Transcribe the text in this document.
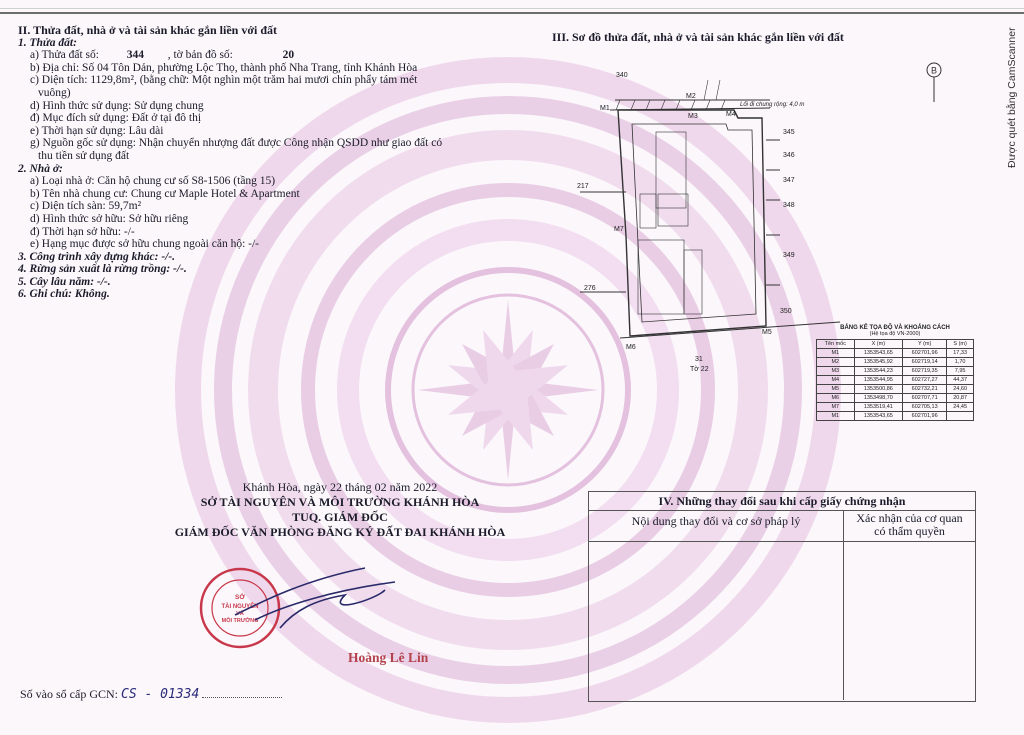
II. Thửa đất, nhà ở và tài sản khác gắn liền với đất
1. Thửa đất:
a) Thửa đất số: 344 , tờ bản đồ số:	20
b) Địa chỉ: Số 04 Tôn Dản, phường Lộc Thọ, thành phố Nha Trang, tỉnh Khánh Hòa
c) Diện tích: 1129,8m², (bằng chữ: Một nghìn một trăm hai mươi chín phẩy tám mét
vuông)
d) Hình thức sử dụng: Sử dụng chung
đ) Mục đích sử dụng: Đất ở tại đô thị
e) Thời hạn sử dụng: Lâu dài
g) Nguồn gốc sử dụng: Nhận chuyển nhượng đất được Công nhận QSDD như giao đất có
thu tiền sử dụng đất
2. Nhà ở:
a) Loại nhà ở: Căn hộ chung cư số S8-1506 (tầng 15)
b) Tên nhà chung cư: Chung cư Maple Hotel & Apartment
c) Diện tích sàn: 59,7m²
d) Hình thức sở hữu: Sở hữu riêng
đ) Thời hạn sở hữu: -/-
e) Hạng mục được sở hữu chung ngoài căn hộ: -/-
3. Công trình xây dựng khác: -/-.
4. Rừng sản xuất là rừng trồng: -/-.
5. Cây lâu năm: -/-.
6. Ghi chú: Không.
Khánh Hòa, ngày 22 tháng 02 năm 2022
SỞ TÀI NGUYÊN VÀ MÔI TRƯỜNG KHÁNH HÒA
TUQ. GIÁM ĐỐC
GIÁM ĐỐC VĂN PHÒNG ĐĂNG KÝ ĐẤT ĐAI KHÁNH HÒA
SỞ
TÀI NGUYÊN
VÀ
MÔI TRƯỜNG
Hoàng Lê Lin
Số vào sổ cấp GCN: CS - 01334
III. Sơ đồ thửa đất, nhà ở và tài sản khác gắn liền với đất
B
340
345
346
347
348
349
350
217
276
31
Tờ 22
M1
M2
M3	M4
M5
M6
M7
Lối đi chung rộng: 4,0 m
BẢNG KÊ TỌA ĐỘ VÀ KHOẢNG CÁCH
(Hệ tọa độ VN-2000)
Tên mốc	X (m)	Y (m)	S (m)
M1	1353543,65	602701,96	17,33
M2	1353545,92	602719,14	1,70
M3	1353544,23	602719,35	7,95
M4	1353544,95	602727,27	44,37
M5	1353500,86	602732,21	24,60
M6	1353498,70	602707,71	20,87
M7	1353519,41	602705,13	24,45
M1	1353543,65	602701,96	
IV. Những thay đổi sau khi cấp giấy chứng nhận
Nội dung thay đổi và cơ sở pháp lý	Xác nhận của cơ quan
có thẩm quyền
Được quét bằng CamScanner
